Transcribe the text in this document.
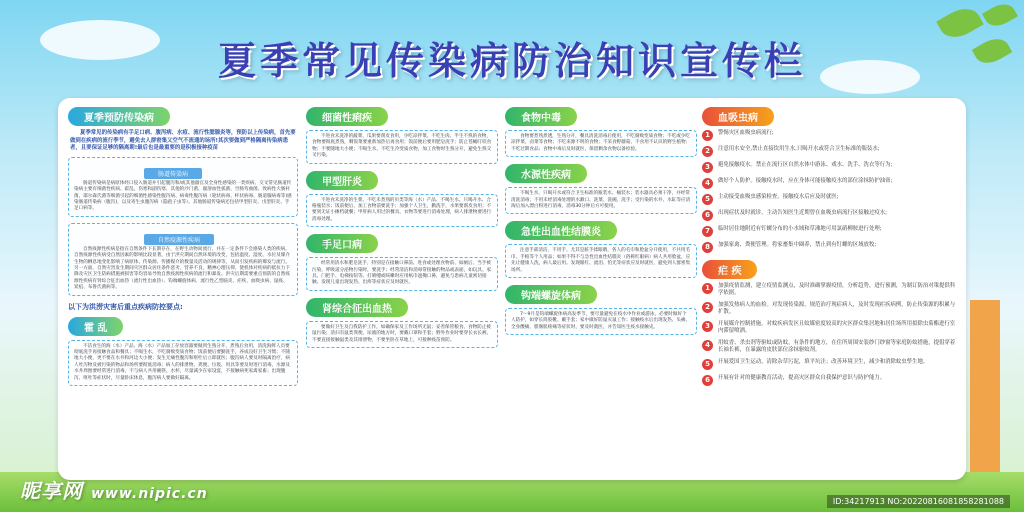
夏季常见传染病防治知识宣传栏
夏季预防传染病
夏季常见的传染病有手足口病、腹泻病、水痘、流行性腮腺炎等，预防以上传染病，首先要做到在疾病的流行季节，避免去人群密集又空气不流通的场所!其次要做到严格隔离传染病患者，且要保证足够的隔离期!最后也是最重要的是积极接种疫苗
肠道传染病
肠道传染病是病原体经口侵入肠道并引起腹泻和/或其他器官及全身性感染的一类疾病。交叉常见肠道传染病主要有细菌性疾病、霍乱、伤寒和副伤寒、其他的沙门菌、副溶血性弧菌、空肠弯曲菌、致病性大肠杆菌、耶尔森氏菌等细菌引起的细菌性感染性腹泻病、病毒性腹泻病（轮状病毒、杯状病毒、肠道腺病毒等)感染肠道传染病（腹泻)，以及寄生虫腹泻病（隐孢子虫等）。其他肠道传染病还包括甲型肝炎、戊型肝炎、手足口病等。
自然疫源性疾病
自然疫源性疾病是指在自然条件下长期存在，在野生动物间流行，并在一定条件下会感染人类的疾病。自然疫源性疾病受自然因素的影响比较显著，由于洪灾期间自然环境的改变，包括温度、湿度、水位及媒介生物的栖息地变化影响了病原体、传染源、传播媒介的数量及活动的规律等，从而引发疾病的爆发与流行。另一方面，自然灾害发生期间灾区群众居住条件恶劣，营养不良，精神心理压抑，使机体对疾病的抵抗力下降及灾区卫生防病措施被损害等均容易导致自然疫源性疾病的流行和暴发。洪灾后期需要重点预防的自然疫源性疾病有肾综合征出血热（流行性出血热）、钩端螺旋体病、流行性乙型脑炎、疟疾、血吸虫病、鼠疫、炭疽、布鲁氏菌病等。
以下为洪涝灾害后重点疾病防控要点:
霍 乱
不洁食生的海（水）产品，海（水）产品加工存放容器要做到生熟分开，煮熟后食用，清洗海鲜人员要彻底洗手再接触食品和餐具；不喝生水，不吃腐败变质食物；饭前便后要勤洗手，养成良好卫生习惯；不随地大小便，更不要在水井和河边大小便；发生无痛性腹泻和呕吐后立即就医；腹泻病人要及时隔离治疗，病人吐泻物及被污染的物品和场所要彻底消毒；病人的排泄物、粪便、垃圾、用具等要及时进行消毒，水源及水井周围要经常进行消毒，不与病人共用碗筷、水杯，尽量减少在家设宴，不接触病死家禽家畜；出现腹泻、呕吐等症状时，尽量卧床休息，腹泻病人要做好隔离。
细菌性痢疾
不进食未洗净的蔬菜、瓜果要削皮食用，少吃凉拌菜。不吃生肉、半生不熟的食物，食物要彻底煮熟，剩饭菜要重新加热后再食用；饭前便后要用肥皂洗手；防止苍蝇叮咬食物；不要随地大小便；不喝生水、不吃生冷变质食物，加工食物时生熟分开，避免生熟交叉污染。
甲型肝炎
不进食未洗净的生菜、不吃未煮熟的贝类等海（水）产品、不喝生水、只喝开水、合格瓶装水；饭前便后、加工食物前要洗手；加强个人卫生，勤洗手，水果要削皮食用；不要到无证小摊档就餐；甲肝病人用过的餐具、衣物等要进行消毒处理，病人排泄物要进行消毒处理。
手足口病
经常用清水和肥皂洗手，特别是在接触口鼻前、进食或处理食物前、如厕后、当手被污染、呼吸道分泌物污染时，要洗手；经常清洁和消毒常接触的物品或表面，如玩具、家具、门把手、电梯按钮等。打喷嚏或咳嗽时应用纸巾遮掩口鼻，避免与患病儿童密切接触。发现儿童出现发热、出疹等症状应及时就医。
肾综合征出血热
要做好卫生及自我防护工作，如确保家及工作场所无鼠；妥善保管粮食、食物防止被鼠污染；清扫有鼠类粪便、尿液的地方时，要戴口罩和手套；野外作业时要穿长衣长裤，不要直接接触鼠类及其排泄物，不要坐卧在草地上，可接种疫苗预防。
食物中毒
食物要煮熟煮透，生熟分开，餐具清洗消毒后使用，不吃腐败变质食物；不吃或少吃凉拌菜、卤菜等食物；不吃来源不明的食物；不采食野蘑菇、不食用不认识的野生植物；不吃过期食品；食物中毒后及时就医，保留剩余食物以备检验。
水源性疾病
不喝生水，只喝开水或符合卫生标准的瓶装水、桶装水；装水器具必须干净，并经常清洗消毒；不用未经消毒处理的水漱口、洗菜、洗碗、洗手；受污染的水井、水缸等应清淘后加入漂白粉进行消毒，消毒30分钟后方可使用。
急性出血性结膜炎
注意手部清洁，不用手、尤其是脏手揉眼睛，各人的毛巾和脸盆分开使用，不共用毛巾、手帕等个人用品；如果不得不与急性出血性结膜炎（俗称红眼病）病人共用脸盆，应先让健康人洗，病人最后用。发现眼红、流泪、怕光等症状应及时就医，避免到人群密集场所。
钩端螺旋体病
7～9月是钩端螺旋体病高发季节，要尽量避免在疫水中作业或游泳，必要时做好个人防护，如穿长筒胶靴、戴手套；家中做好防鼠灭鼠工作；接触疫水后出现发热、头痛、全身酸痛、腓肠肌疼痛等症状时，要及时就医，并告知医生疫水接触史。
血吸虫病
1	警惕灾区血吸虫病流行;
2	注意用水安全,禁止直接饮用生水,只喝开水或符合卫生标准的瓶装水;
3	避免接触疫水。禁止在流行区自然水体中游泳、戏水、洗手、洗衣等行为;
4	做好个人防护。接触疫水时，应在身体可能接触疫水的部位涂抹防护油膏;
5	主动接受血吸虫感染检查。接触疫水后应及时就医;
6	出现症状及时就诊。主动告知医生近期曾在血吸虫病流行区接触过疫水;
7	临时居住地附近有钉螺分布的小水域和草滩地可用氯硝柳胺进行处理;
8	加强家禽、粪便管理。将家畜集中圈养，禁止到有钉螺的区域放牧;
疟 疾
1	加强疫情监测，建立疫情监测点，及时准确掌握疫情，分析趋势，进行预测，为制订防治对策提供科学依据。
2	加强发热病人的血检。对发现传染源，规范治疗现症病人，及时发现疟疾病例，防止传染源的积累与扩散。
3	开展媒介控制措施，对蚊疾病发区且蚊媒密度较高的灾区群众集居地和居住场所用拟除虫菊酯进行室内滞留喷洒。
4	用蚊香、杀虫剂等驱蚊或防蚊，有条件的地方，在住所周围安装纱门纱窗等家庭防蚊措施，提倡穿着长袖长裤，在暴露的皮肤部位涂抹驱蚊剂。
5	开展爱国卫生运动，清除杂草污泥，填平坑洼；改善环境卫生，减少和消除蚊虫孳生地。
6	开展有针对的健康教育活动，提高灾区群众自我保护意识与防护能力。
昵享网 www.nipic.cn	ID:34217913 NO:20220816081858281088
